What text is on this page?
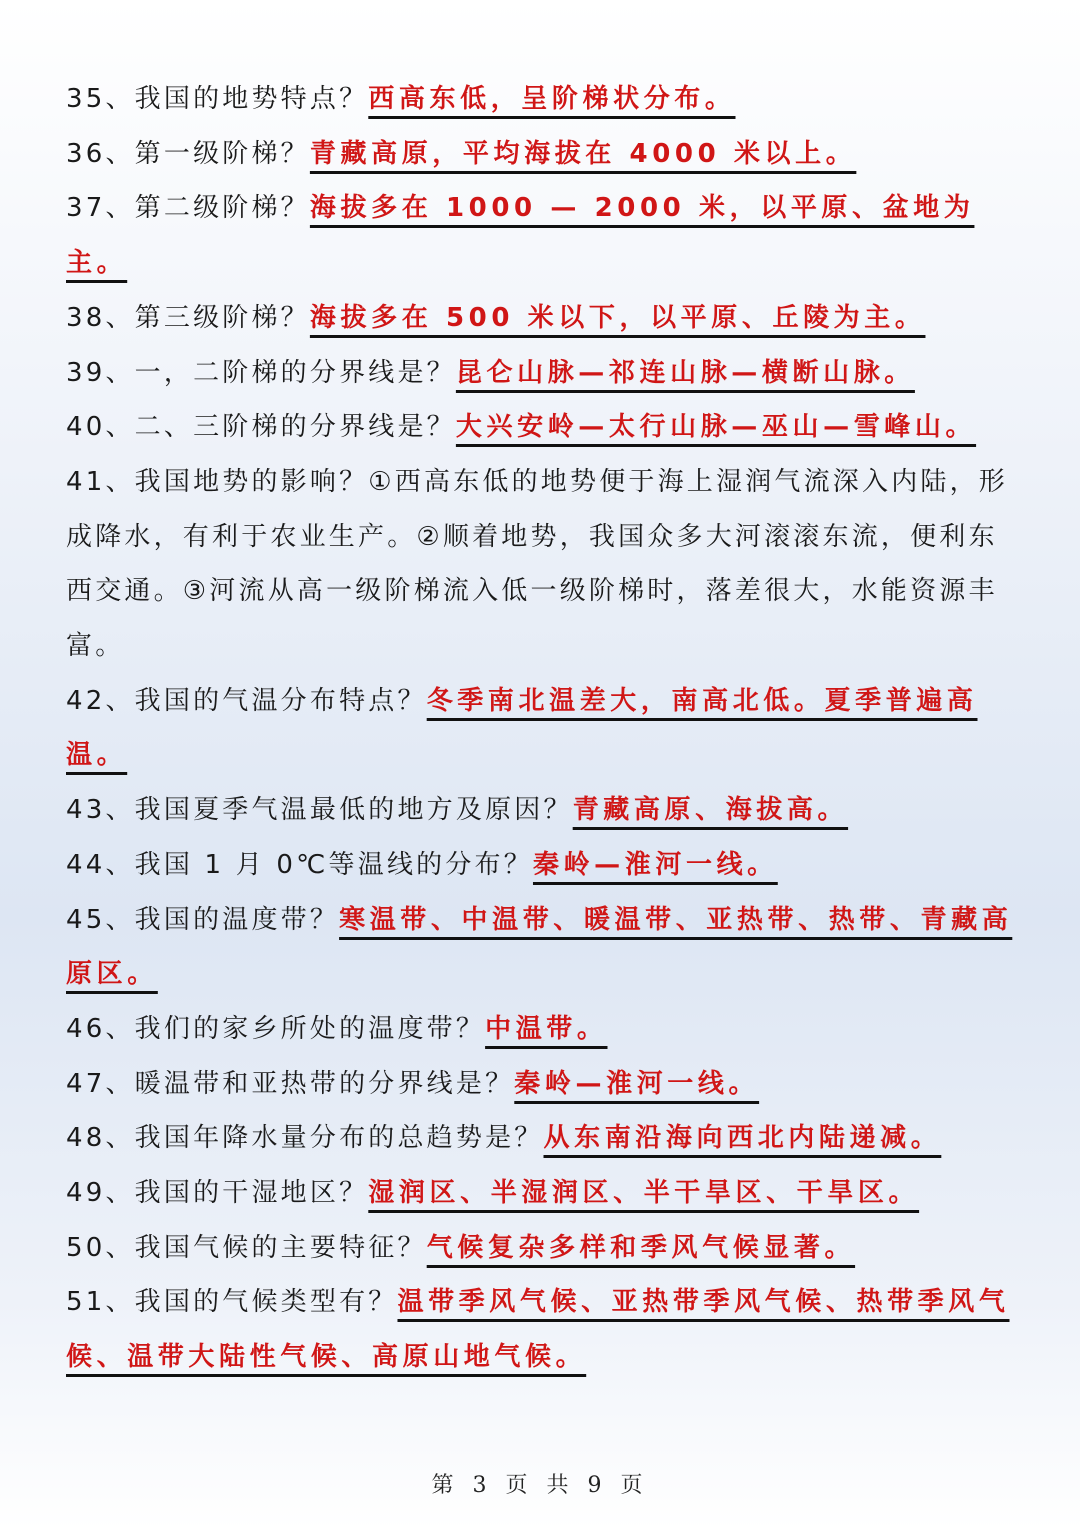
35、我国的地势特点？西高东低，呈阶梯状分布。

36、第一级阶梯？青藏高原，平均海拔在 4000 米以上。

37、第二级阶梯？海拔多在 1000 — 2000 米，以平原、盆地为主。

38、第三级阶梯？海拔多在 500 米以下，以平原、丘陵为主。

39、一，二阶梯的分界线是？昆仑山脉—祁连山脉—横断山脉。

40、二、三阶梯的分界线是？大兴安岭—太行山脉—巫山—雪峰山。

41、我国地势的影响？①西高东低的地势便于海上湿润气流深入内陆，形成降水，有利于农业生产。②顺着地势，我国众多大河滚滚东流，便利东西交通。③河流从高一级阶梯流入低一级阶梯时，落差很大，水能资源丰富。

42、我国的气温分布特点？冬季南北温差大，南高北低。夏季普遍高温。

43、我国夏季气温最低的地方及原因？青藏高原、海拔高。

44、我国 1 月 0℃等温线的分布？秦岭—淮河一线。

45、我国的温度带？寒温带、中温带、暖温带、亚热带、热带、青藏高原区。

46、我们的家乡所处的温度带？中温带。

47、暖温带和亚热带的分界线是？秦岭—淮河一线。

48、我国年降水量分布的总趋势是？从东南沿海向西北内陆递减。

49、我国的干湿地区？湿润区、半湿润区、半干旱区、干旱区。

50、我国气候的主要特征？气候复杂多样和季风气候显著。

51、我国的气候类型有？温带季风气候、亚热带季风气候、热带季风气候、温带大陆性气候、高原山地气候。

第 3 页 共 9 页
